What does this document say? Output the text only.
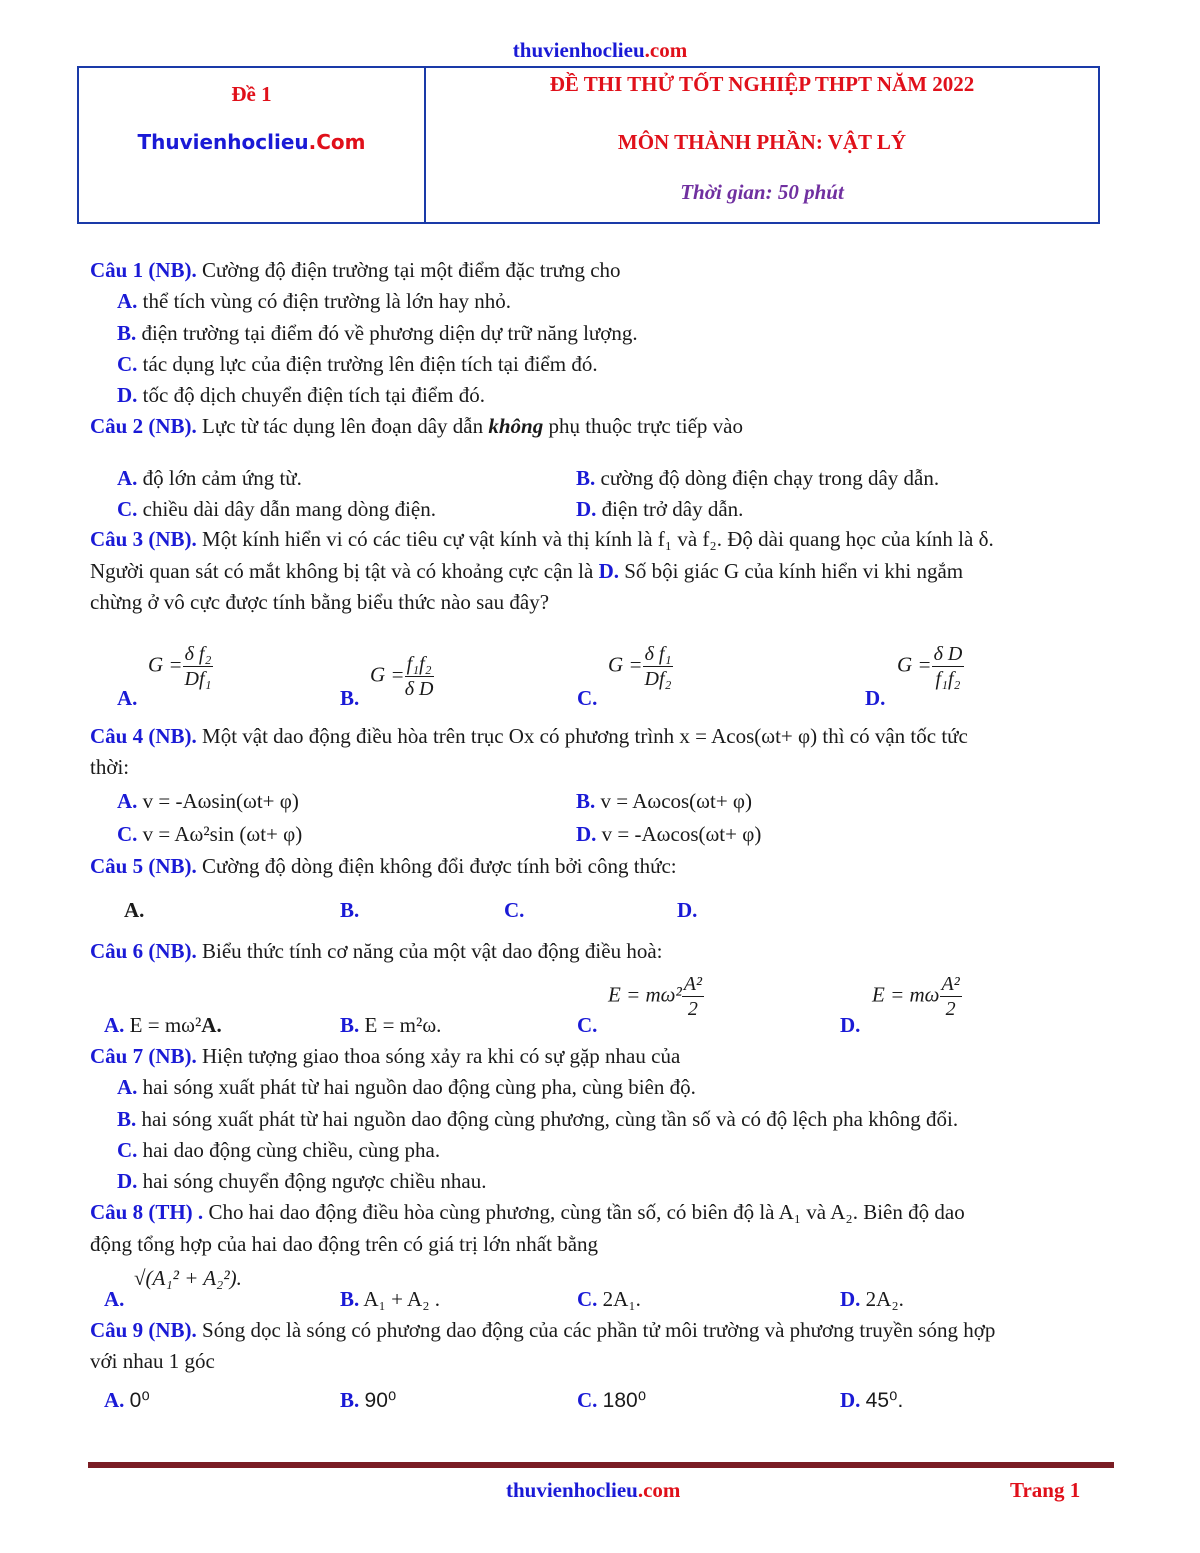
thuvienhoclieu.com
Đề 1
Thuvienhoclieu.Com
ĐỀ THI THỬ TỐT NGHIỆP THPT NĂM 2022
MÔN THÀNH PHẦN: VẬT LÝ
Thời gian: 50 phút
Câu 1 (NB). Cường độ điện trường tại một điểm đặc trưng cho
A. thể tích vùng có điện trường là lớn hay nhỏ.
B. điện trường tại điểm đó về phương diện dự trữ năng lượng.
C. tác dụng lực của điện trường lên điện tích tại điểm đó.
D. tốc độ dịch chuyển điện tích tại điểm đó.
Câu 2 (NB). Lực từ tác dụng lên đoạn dây dẫn không phụ thuộc trực tiếp vào
A. độ lớn cảm ứng từ.	B. cường độ dòng điện chạy trong dây dẫn.
C. chiều dài dây dẫn mang dòng điện.	D. điện trở dây dẫn.
Câu 3 (NB). Một kính hiển vi có các tiêu cự vật kính và thị kính là f₁ và f₂. Độ dài quang học của kính là δ.
Người quan sát có mắt không bị tật và có khoảng cực cận là D. Số bội giác G của kính hiển vi khi ngắm
chừng ở vô cực được tính bằng biểu thức nào sau đây?
A.
$G = \frac{\text{δ f₂}}{\text{Df₁}}$
B.
$G = \frac{\text{f₁f₂}}{\text{δ D}}$	C.
$G = \frac{\text{δ f₁}}{\text{Df₂}}$
D.
$G = \frac{\text{δ D}}{\text{f₁f₂}}$
Câu 4 (NB). Một vật dao động điều hòa trên trục Ox có phương trình x = Acos(ωt+ φ) thì có vận tốc tức
thời:
A. v = -Aωsin(ωt+ φ)	B. v = Aωcos(ωt+ φ)
C. v = Aω²sin (ωt+ φ)	D. v = -Aωcos(ωt+ φ)
Câu 5 (NB). Cường độ dòng điện không đổi được tính bởi công thức:
A.	B.	C.	D.
Câu 6 (NB). Biểu thức tính cơ năng của một vật dao động điều hoà:
A. E = mω²A.	B. E = m²ω.	C.
$E = m\omega^2 \frac{\text{A²}}{2}$
D.
E = mω $\frac{\text{A²}}{2}$
Câu 7 (NB). Hiện tượng giao thoa sóng xảy ra khi có sự gặp nhau của
A. hai sóng xuất phát từ hai nguồn dao động cùng pha, cùng biên độ.
B. hai sóng xuất phát từ hai nguồn dao động cùng phương, cùng tần số và có độ lệch pha không đổi.
C. hai dao động cùng chiều, cùng pha.
D. hai sóng chuyển động ngược chiều nhau.
Câu 8 (TH) . Cho hai dao động điều hòa cùng phương, cùng tần số, có biên độ là A₁ và A₂. Biên độ dao
động tổng hợp của hai dao động trên có giá trị lớn nhất bằng
A.
√(A₁² + A₂²).
B. A₁ + A₂ .	C. 2A₁.	D. 2A₂.
Câu 9 (NB). Sóng dọc là sóng có phương dao động của các phần tử môi trường và phương truyền sóng hợp
với nhau 1 góc
A. 0⁰	B. 90⁰	C. 180⁰	D. 45⁰.
thuvienhoclieu.com	Trang 1
